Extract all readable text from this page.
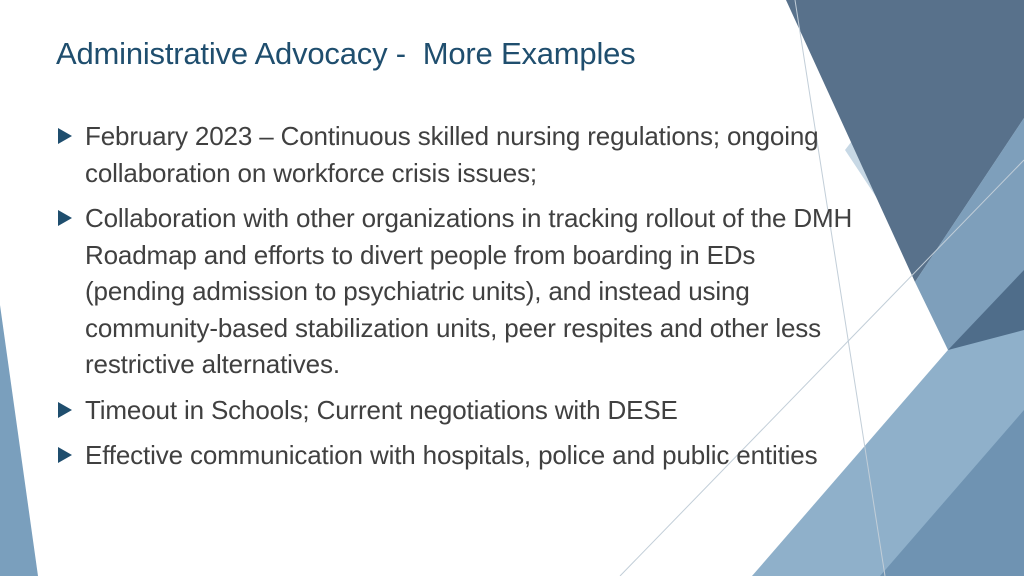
Administrative Advocacy -  More Examples
February 2023 – Continuous skilled nursing regulations; ongoing collaboration on workforce crisis issues;
Collaboration with other organizations in tracking rollout of the DMH Roadmap and efforts to divert people from boarding in EDs (pending admission to psychiatric units), and instead using community-based stabilization units, peer respites and other less restrictive alternatives.
Timeout in Schools; Current negotiations with DESE
Effective communication with hospitals, police and public entities
